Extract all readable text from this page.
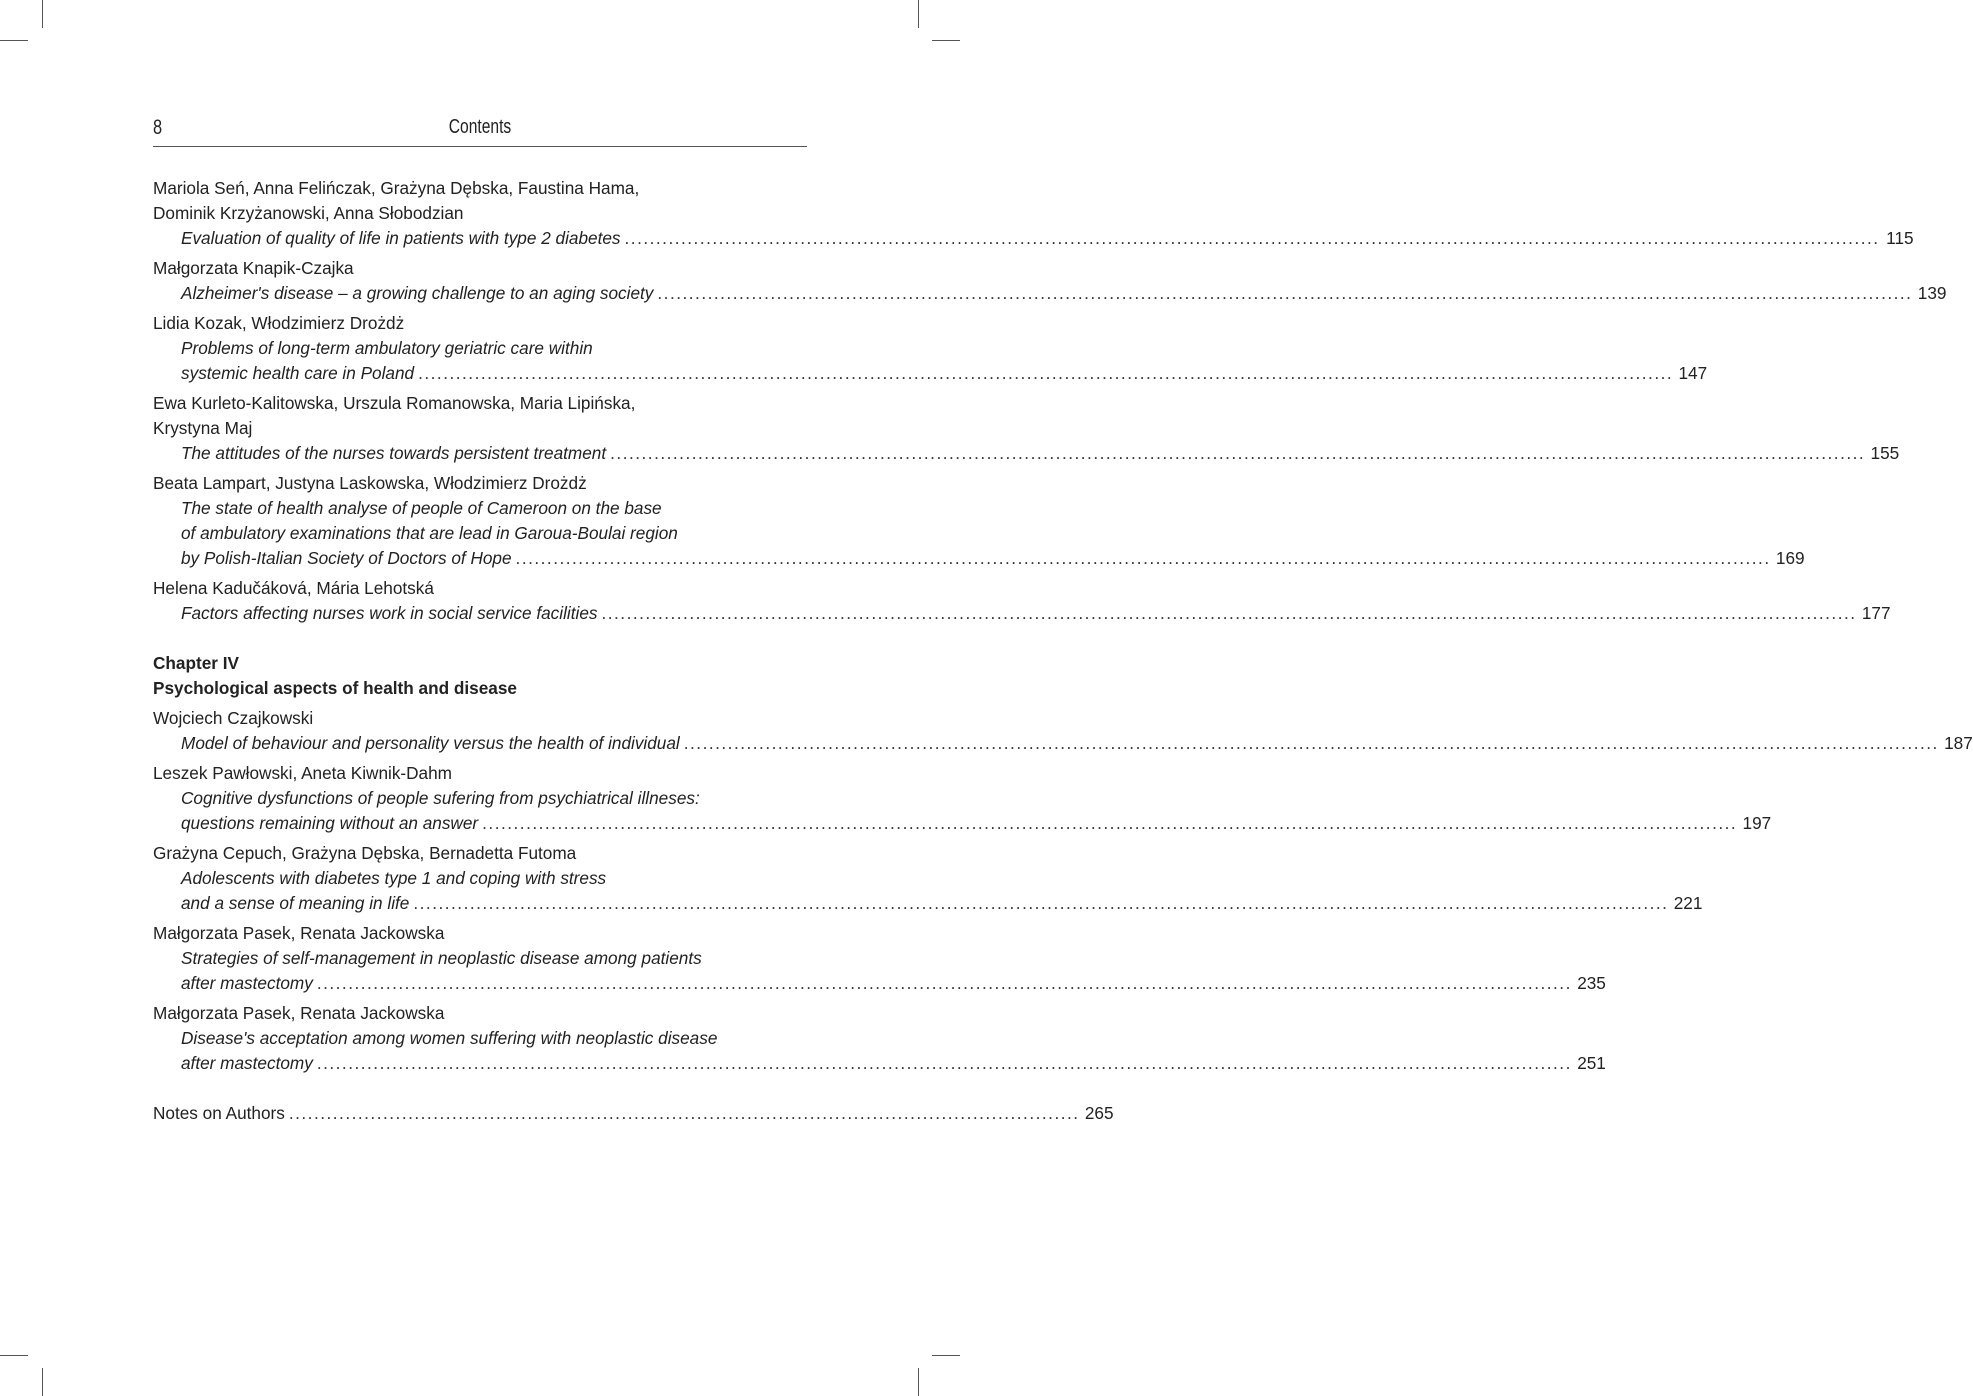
8	Contents
Mariola Seń, Anna Felińczak, Grażyna Dębska, Faustina Hama,
Dominik Krzyżanowski, Anna Słobodzian
Evaluation of quality of life in patients with type 2 diabetes ........................................................................................................................................................................................................ 115
Małgorzata Knapik-Czajka
Alzheimer's disease – a growing challenge to an aging society ........................................................................................................................................................................................................ 139
Lidia Kozak, Włodzimierz Drożdż
Problems of long-term ambulatory geriatric care within
systemic health care in Poland ........................................................................................................................................................................................................ 147
Ewa Kurleto-Kalitowska, Urszula Romanowska, Maria Lipińska,
Krystyna Maj
The attitudes of the nurses towards persistent treatment ........................................................................................................................................................................................................ 155
Beata Lampart, Justyna Laskowska, Włodzimierz Drożdż
The state of health analyse of people of Cameroon on the base
of ambulatory examinations that are lead in Garoua-Boulai region
by Polish-Italian Society of Doctors of Hope ........................................................................................................................................................................................................ 169
Helena Kadučáková, Mária Lehotská
Factors affecting nurses work in social service facilities ........................................................................................................................................................................................................ 177
Chapter IV
Psychological aspects of health and disease
Wojciech Czajkowski
Model of behaviour and personality versus the health of individual ........................................................................................................................................................................................................ 187
Leszek Pawłowski, Aneta Kiwnik-Dahm
Cognitive dysfunctions of people sufering from psychiatrical illneses:
questions remaining without an answer ........................................................................................................................................................................................................ 197
Grażyna Cepuch, Grażyna Dębska, Bernadetta Futoma
Adolescents with diabetes type 1 and coping with stress
and a sense of meaning in life ........................................................................................................................................................................................................ 221
Małgorzata Pasek, Renata Jackowska
Strategies of self-management in neoplastic disease among patients
after mastectomy ........................................................................................................................................................................................................ 235
Małgorzata Pasek, Renata Jackowska
Disease's acceptation among women suffering with neoplastic disease
after mastectomy ........................................................................................................................................................................................................ 251
Notes on Authors .............................................................................................................................. 265
